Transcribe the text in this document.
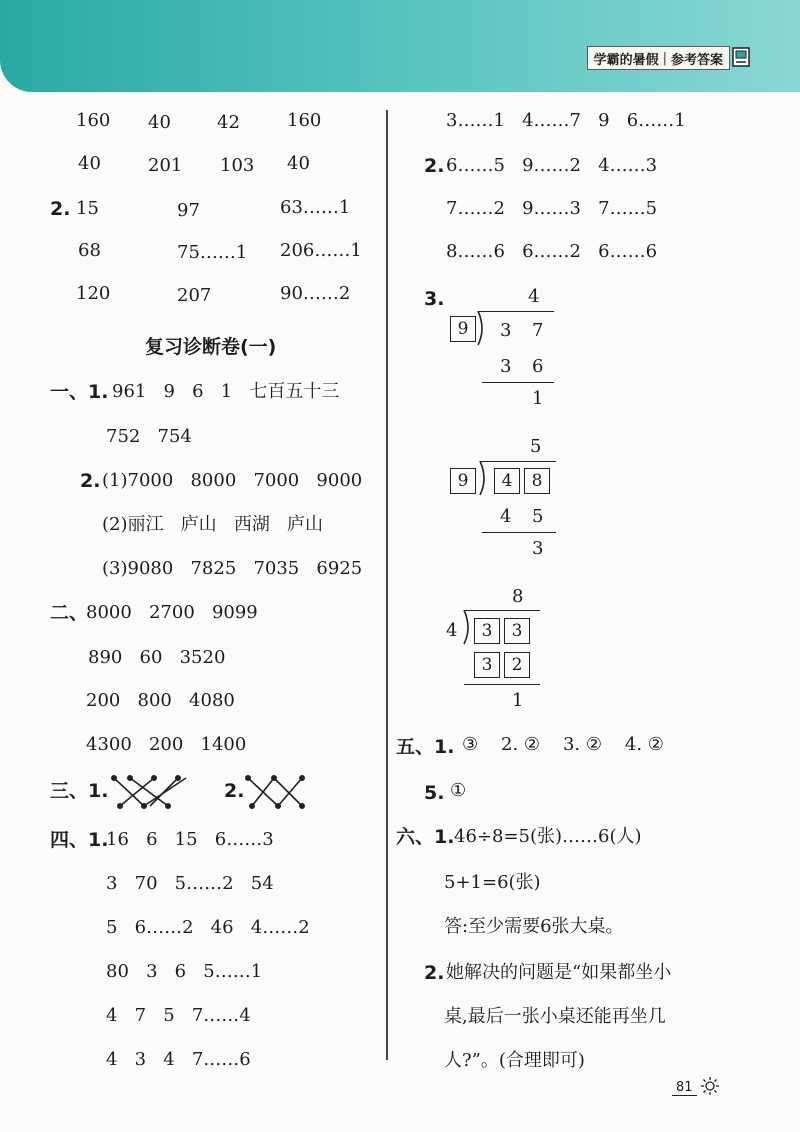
学霸的暑假 | 参考答案
160 40	42	160
40	201 103 40
2. 15	97	63……1
68	75……1 206……1
120	207	90……2
复习诊断卷(一)
一、1. 961   9   6   1   七百五十三
752   754
2. (1)7000   8000   7000   9000
(2)丽江   庐山   西湖   庐山
(3)9080   7825   7035   6925
二、
8000   2700   9099
890   60   3520
200   800   4080
4300   200   1400
三、1.	2.
四、1.
16   6   15   6……3
3   70   5……2   54
5   6……2   46   4……2
80   3   6   5……1
4   7   5   7……4
4   3   4   7……6
3……1   4……7   9   6……1
2. 6……5   9……2   4……3
7……2   9……3   7……5
8……6   6……2   6……6
3.	4
9 3 7
3 6
1
5
9 4 8
4 5
3
8
4 3 3
3 2
1
五、1. ③    2. ②    3. ②    4. ②
5. ①
六、1. 46÷8=5(张)……6(人)
5+1=6(张)
答:至少需要6张大桌。
2. 她解决的问题是“如果都坐小
桌,最后一张小桌还能再坐几
人?”。(合理即可)
81
